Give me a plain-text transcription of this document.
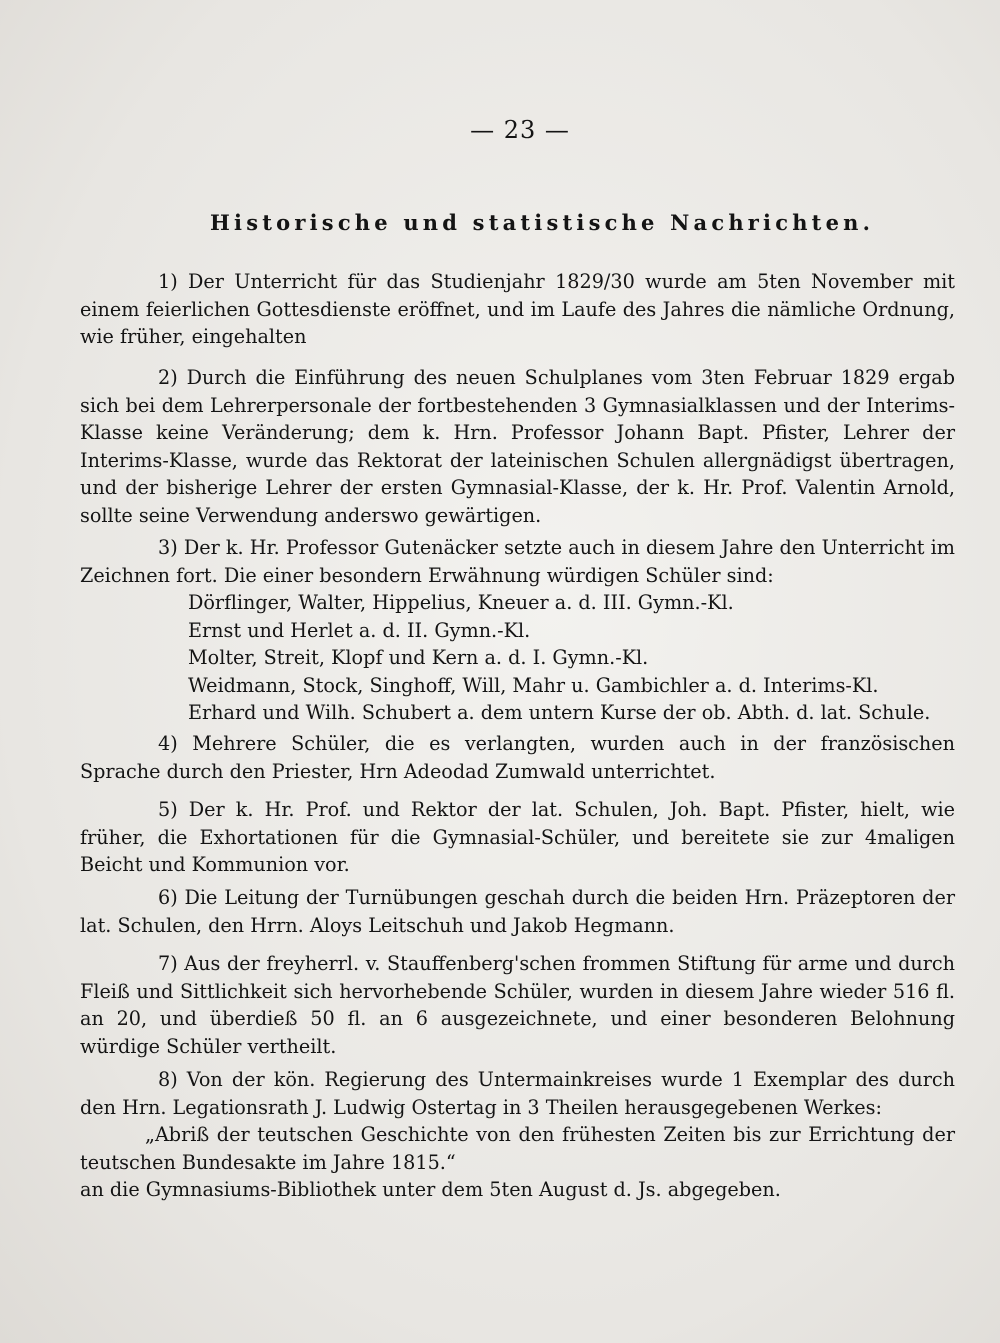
— 23 —
Historische und statistische Nachrichten.

1) Der Unterricht für das Studienjahr 1829/30 wurde am 5ten November mit einem feierlichen Gottesdienste eröffnet, und im Laufe des Jahres die nämliche Ordnung, wie früher, eingehalten

2) Durch die Einführung des neuen Schulplanes vom 3ten Februar 1829 ergab sich bei dem Lehrerpersonale der fortbestehenden 3 Gymnasialklassen und der Interims-Klasse keine Veränderung; dem k. Hrn. Professor Johann Bapt. Pfister, Lehrer der Interims-Klasse, wurde das Rektorat der lateinischen Schulen allergnädigst übertragen, und der bisherige Lehrer der ersten Gymnasial-Klasse, der k. Hr. Prof. Valentin Arnold, sollte seine Verwendung anderswo gewärtigen.

3) Der k. Hr. Professor Gutenäcker setzte auch in diesem Jahre den Unterricht im Zeichnen fort. Die einer besondern Erwähnung würdigen Schüler sind:

Dörflinger, Walter, Hippelius, Kneuer a. d. III. Gymn.-Kl.
Ernst und Herlet a. d. II. Gymn.-Kl.
Molter, Streit, Klopf und Kern a. d. I. Gymn.-Kl.
Weidmann, Stock, Singhoff, Will, Mahr u. Gambichler a. d. Interims-Kl.
Erhard und Wilh. Schubert a. dem untern Kurse der ob. Abth. d. lat. Schule.

4) Mehrere Schüler, die es verlangten, wurden auch in der französischen Sprache durch den Priester, Hrn Adeodad Zumwald unterrichtet.

5) Der k. Hr. Prof. und Rektor der lat. Schulen, Joh. Bapt. Pfister, hielt, wie früher, die Exhortationen für die Gymnasial-Schüler, und bereitete sie zur 4maligen Beicht und Kommunion vor.

6) Die Leitung der Turnübungen geschah durch die beiden Hrn. Präzeptoren der lat. Schulen, den Hrrn. Aloys Leitschuh und Jakob Hegmann.

7) Aus der freyherrl. v. Stauffenberg'schen frommen Stiftung für arme und durch Fleiß und Sittlichkeit sich hervorhebende Schüler, wurden in diesem Jahre wieder 516 fl. an 20, und überdieß 50 fl. an 6 ausgezeichnete, und einer besonderen Belohnung würdige Schüler vertheilt.

8) Von der kön. Regierung des Untermainkreises wurde 1 Exemplar des durch den Hrn. Legationsrath J. Ludwig Ostertag in 3 Theilen herausgegebenen Werkes:

„Abriß der teutschen Geschichte von den frühesten Zeiten bis zur Errichtung der teutschen Bundesakte im Jahre 1815.“

an die Gymnasiums-Bibliothek unter dem 5ten August d. Js. abgegeben.
